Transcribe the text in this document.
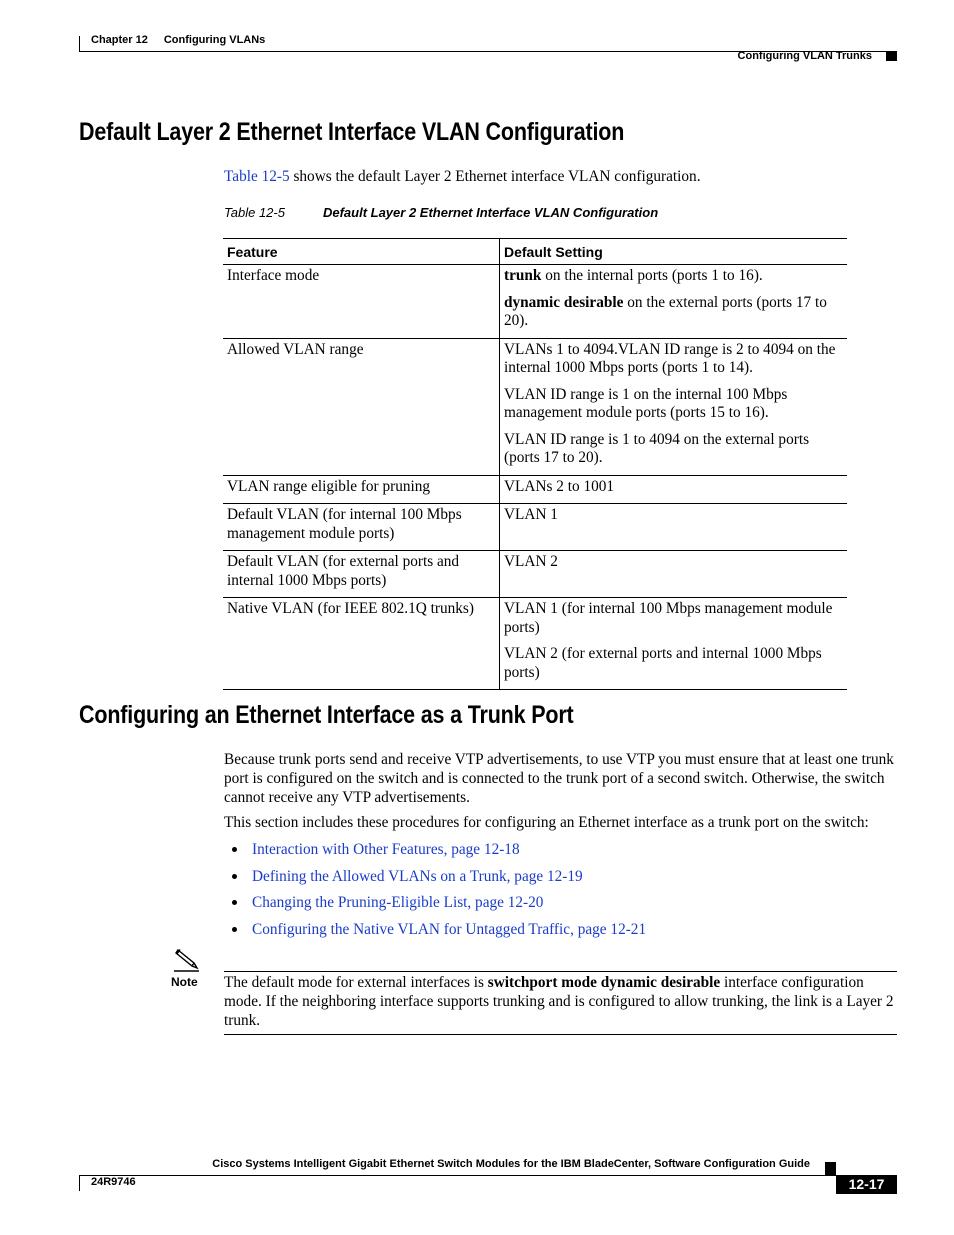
Chapter 12 Configuring VLANs
Configuring VLAN Trunks
Default Layer 2 Ethernet Interface VLAN Configuration
Table 12-5 shows the default Layer 2 Ethernet interface VLAN configuration.
Table 12-5	Default Layer 2 Ethernet Interface VLAN Configuration
Feature	Default Setting
Interface mode	trunk on the internal ports (ports 1 to 16).

dynamic desirable on the external ports (ports 17 to 20).

Allowed VLAN range	VLANs 1 to 4094.VLAN ID range is 2 to 4094 on the internal 1000 Mbps ports (ports 1 to 14).

VLAN ID range is 1 on the internal 100 Mbps management module ports (ports 15 to 16).

VLAN ID range is 1 to 4094 on the external ports (ports 17 to 20).

VLAN range eligible for pruning	VLANs 2 to 1001

Default VLAN (for internal 100 Mbps management module ports)	VLAN 1

Default VLAN (for external ports and internal 1000 Mbps ports)	VLAN 2

Native VLAN (for IEEE 802.1Q trunks)	VLAN 1 (for internal 100 Mbps management module ports)

VLAN 2 (for external ports and internal 1000 Mbps ports)

Configuring an Ethernet Interface as a Trunk Port
Because trunk ports send and receive VTP advertisements, to use VTP you must ensure that at least one trunk port is configured on the switch and is connected to the trunk port of a second switch. Otherwise, the switch cannot receive any VTP advertisements.
This section includes these procedures for configuring an Ethernet interface as a trunk port on the switch:
Interaction with Other Features, page 12-18
Defining the Allowed VLANs on a Trunk, page 12-19
Changing the Pruning-Eligible List, page 12-20
Configuring the Native VLAN for Untagged Traffic, page 12-21
Note The default mode for external interfaces is switchport mode dynamic desirable interface configuration mode. If the neighboring interface supports trunking and is configured to allow trunking, the link is a Layer 2 trunk.
Cisco Systems Intelligent Gigabit Ethernet Switch Modules for the IBM BladeCenter, Software Configuration Guide
24R9746	12-17
